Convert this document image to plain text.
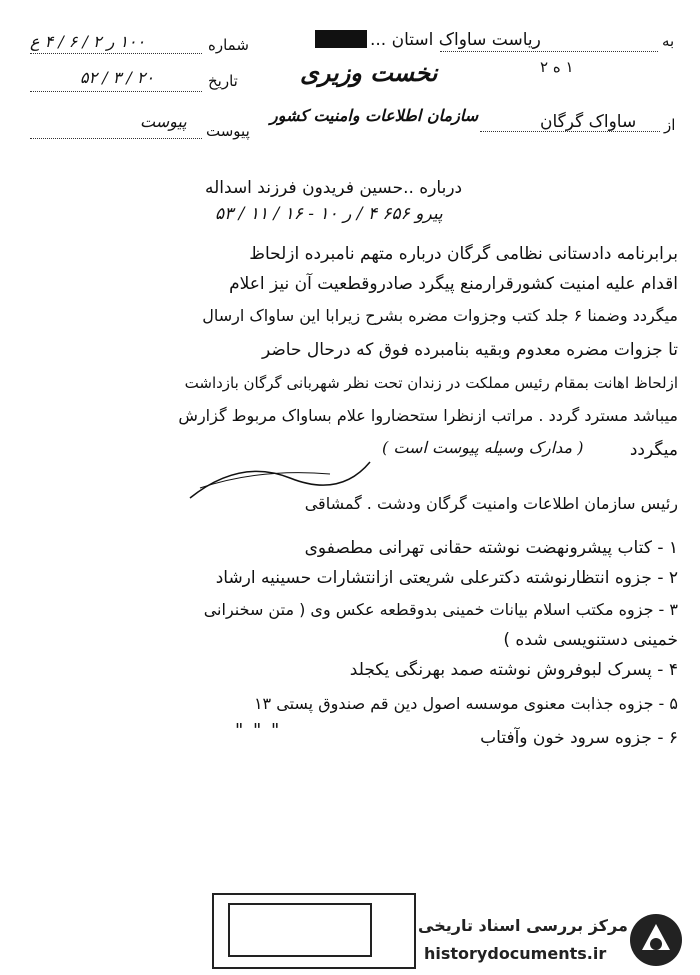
شماره
۱۰۰ ر ۲ / ۶ / ۴ ع
تاریخ
۲۰ / ۳ / ۵۲
پیوست
پیوست
نخست وزیری
سازمان اطلاعات وامنیت کشور
به
ریاست ساواک استان ...
۱ ه ۲
از
ساواک گرگان
درباره ..حسین فریدون فرزند اسداله
پیرو ۶۵۶ ۴ / ر ۱۰ - ۱۶ / ۱۱ / ۵۳
برابرنامه دادستانی نظامی گرگان درباره متهم نامبرده ازلحاظ
اقدام علیه امنیت کشورقرارمنع پیگرد صادروقطعیت آن نیز اعلام
میگردد وضمنا ۶ جلد کتب وجزوات مضره بشرح زیرابا این ساواک ارسال
تا جزوات مضره معدوم وبقیه بنامبرده فوق که درحال حاضر
ازلحاظ اهانت بمقام رئیس مملکت در زندان تحت نظر شهربانی گرگان بازداشت
میباشد مسترد گردد . مراتب ازنظرا ستحضاروا علام بساواک مربوط گزارش
میگردد
( مدارک وسیله پیوست است )
رئیس سازمان اطلاعات وامنیت گرگان ودشت . گمشاقی
۱ - کتاب پیشرونهضت نوشته حقانی تهرانی مطصفوی
۲ - جزوه انتظارنوشته دکترعلی شریعتی ازانتشارات حسینیه ارشاد
۳ - جزوه مکتب اسلام بیانات خمینی بدوقطعه عکس وی ( متن سخنرانی
خمینی دستنویسی شده )
۴ - پسرک لبوفروش نوشته صمد بهرنگی یکجلد
۵ - جزوه جذابت معنوی موسسه اصول دین قم صندوق پستی ۱۳
۶ - جزوه سرود خون وآفتاب
" " "
مرکز بررسی اسناد تاریخی
historydocuments.ir
